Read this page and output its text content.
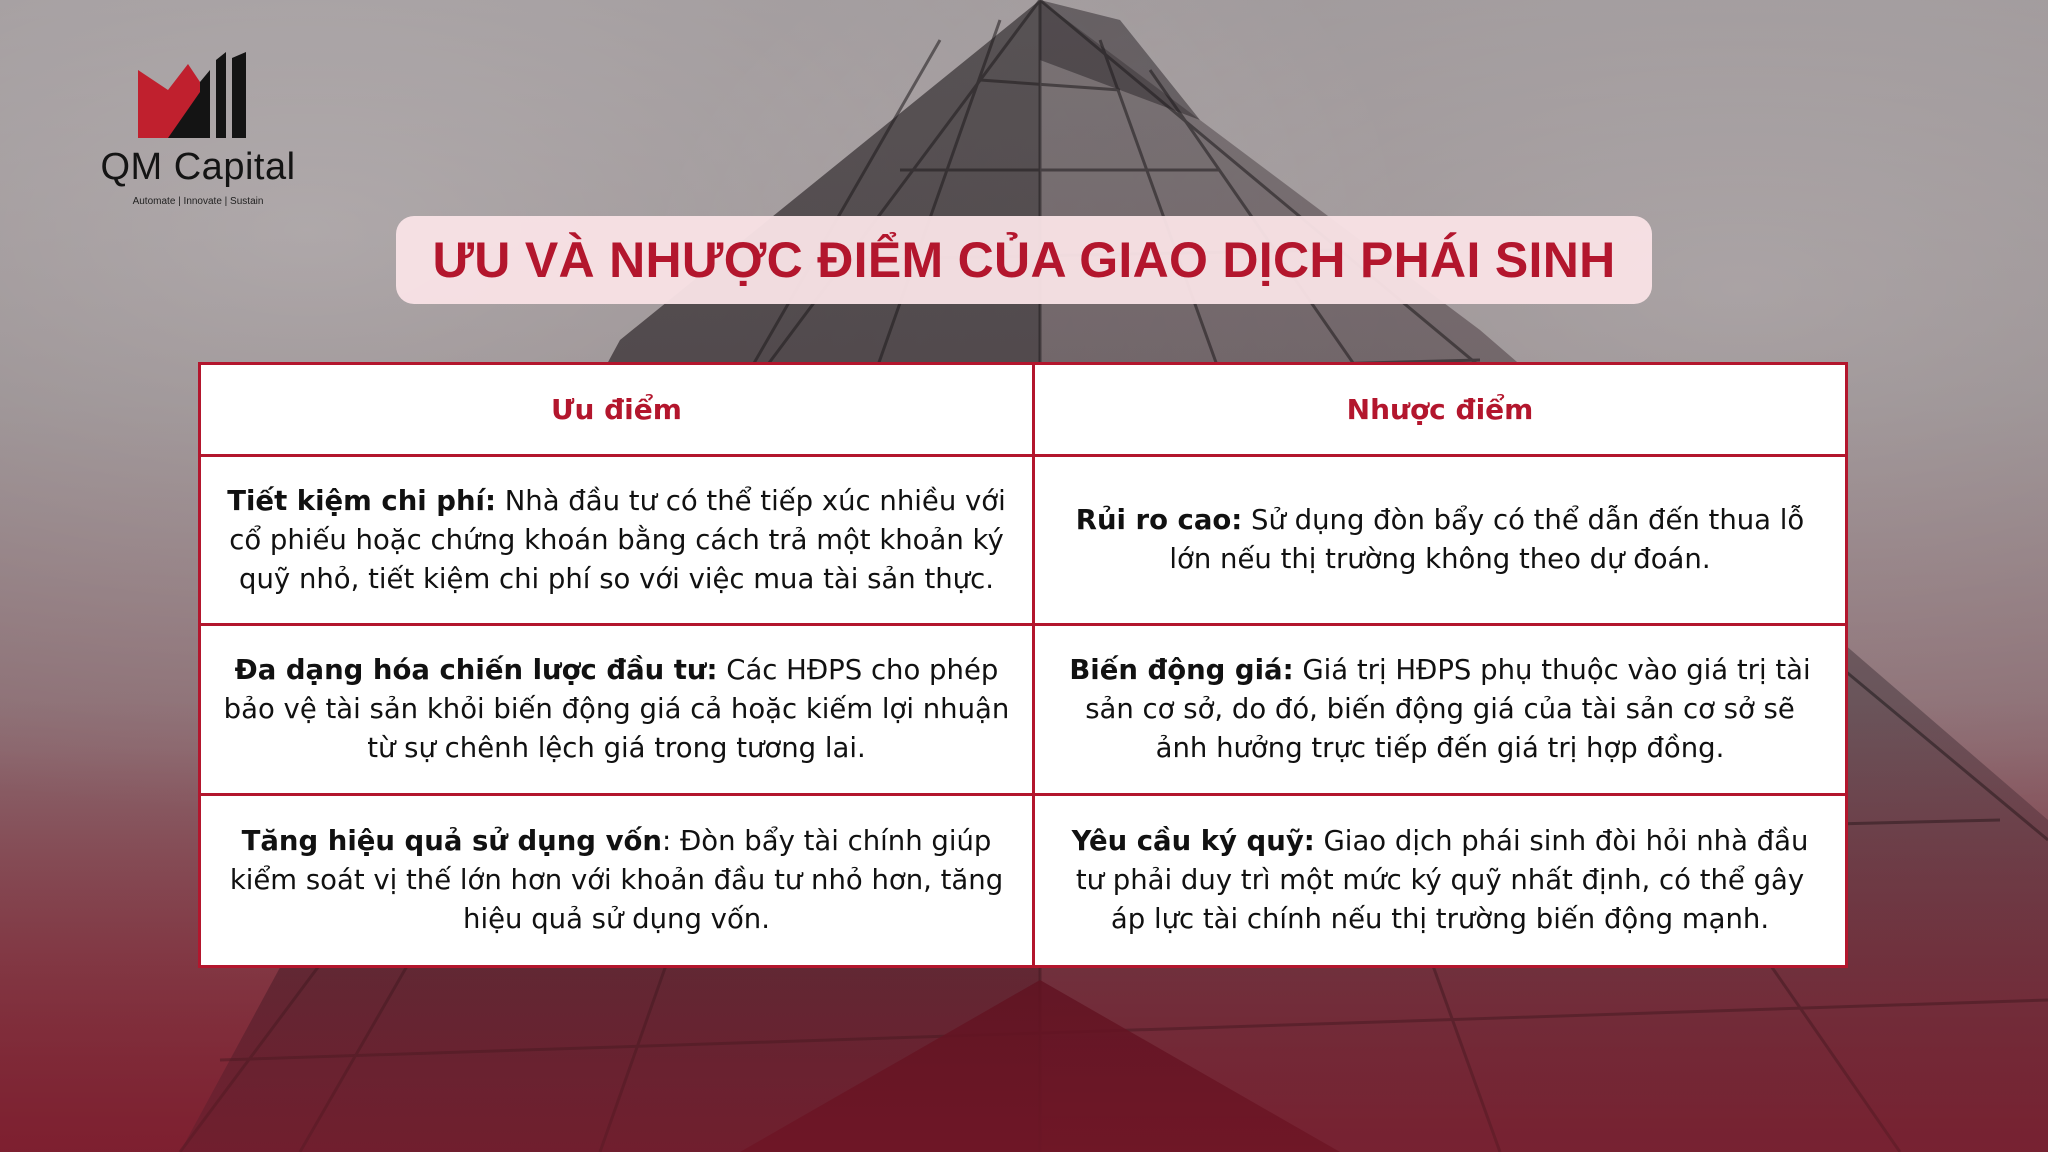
QM Capital
Automate | Innovate | Sustain
ƯU VÀ NHƯỢC ĐIỂM CỦA GIAO DỊCH PHÁI SINH
Ưu điểm	Nhược điểm
Tiết kiệm chi phí: Nhà đầu tư có thể tiếp xúc nhiều với cổ phiếu hoặc chứng khoán bằng cách trả một khoản ký quỹ nhỏ, tiết kiệm chi phí so với việc mua tài sản thực.
Rủi ro cao: Sử dụng đòn bẩy có thể dẫn đến thua lỗ lớn nếu thị trường không theo dự đoán.
Đa dạng hóa chiến lược đầu tư: Các HĐPS cho phép bảo vệ tài sản khỏi biến động giá cả hoặc kiếm lợi nhuận từ sự chênh lệch giá trong tương lai.
Biến động giá: Giá trị HĐPS phụ thuộc vào giá trị tài sản cơ sở, do đó, biến động giá của tài sản cơ sở sẽ ảnh hưởng trực tiếp đến giá trị hợp đồng.
Tăng hiệu quả sử dụng vốn: Đòn bẩy tài chính giúp kiểm soát vị thế lớn hơn với khoản đầu tư nhỏ hơn, tăng hiệu quả sử dụng vốn.
Yêu cầu ký quỹ: Giao dịch phái sinh đòi hỏi nhà đầu tư phải duy trì một mức ký quỹ nhất định, có thể gây áp lực tài chính nếu thị trường biến động mạnh.
